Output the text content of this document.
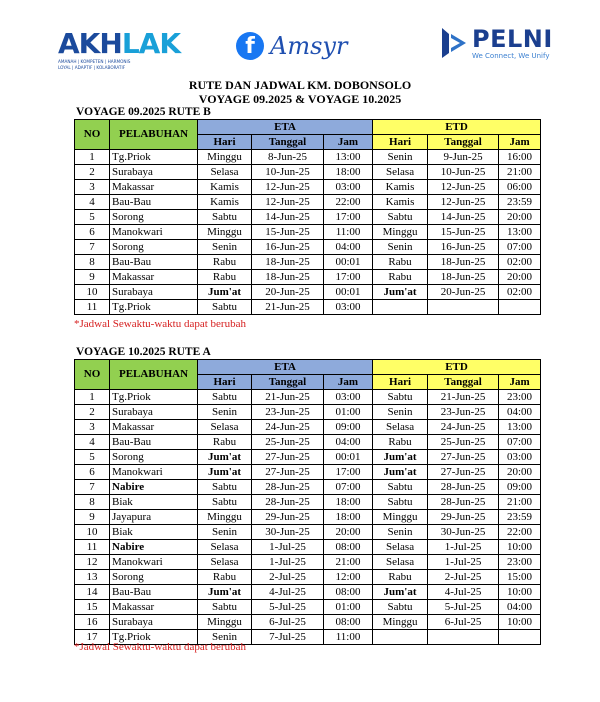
AKHLAK
AMANAH | KOMPETEN | HARMONIS
LOYAL | ADAPTIF | KOLABORATIF
f Amsyr	PELNI
We Connect, We Unify
RUTE DAN JADWAL KM. DOBONSOLO
VOYAGE 09.2025 & VOYAGE 10.2025
VOYAGE 09.2025 RUTE B
NO	PELABUHAN	ETA			ETD		
		Hari	Tanggal	Jam	Hari	Tanggal	Jam
1	Tg.Priok	Minggu	8-Jun-25	13:00	Senin	9-Jun-25	16:00
2	Surabaya	Selasa	10-Jun-25	18:00	Selasa	10-Jun-25	21:00
3	Makassar	Kamis	12-Jun-25	03:00	Kamis	12-Jun-25	06:00
4	Bau-Bau	Kamis	12-Jun-25	22:00	Kamis	12-Jun-25	23:59
5	Sorong	Sabtu	14-Jun-25	17:00	Sabtu	14-Jun-25	20:00
6	Manokwari	Minggu	15-Jun-25	11:00	Minggu	15-Jun-25	13:00
7	Sorong	Senin	16-Jun-25	04:00	Senin	16-Jun-25	07:00
8	Bau-Bau	Rabu	18-Jun-25	00:01	Rabu	18-Jun-25	02:00
9	Makassar	Rabu	18-Jun-25	17:00	Rabu	18-Jun-25	20:00
10	Surabaya	Jum'at	20-Jun-25	00:01	Jum'at	20-Jun-25	02:00
11	Tg.Priok	Sabtu	21-Jun-25	03:00			
*Jadwal Sewaktu-waktu dapat berubah
VOYAGE 10.2025 RUTE A
NO	PELABUHAN	ETA			ETD		
		Hari	Tanggal	Jam	Hari	Tanggal	Jam
1	Tg.Priok	Sabtu	21-Jun-25	03:00	Sabtu	21-Jun-25	23:00
2	Surabaya	Senin	23-Jun-25	01:00	Senin	23-Jun-25	04:00
3	Makassar	Selasa	24-Jun-25	09:00	Selasa	24-Jun-25	13:00
4	Bau-Bau	Rabu	25-Jun-25	04:00	Rabu	25-Jun-25	07:00
5	Sorong	Jum'at	27-Jun-25	00:01	Jum'at	27-Jun-25	03:00
6	Manokwari	Jum'at	27-Jun-25	17:00	Jum'at	27-Jun-25	20:00
7	Nabire	Sabtu	28-Jun-25	07:00	Sabtu	28-Jun-25	09:00
8	Biak	Sabtu	28-Jun-25	18:00	Sabtu	28-Jun-25	21:00
9	Jayapura	Minggu	29-Jun-25	18:00	Minggu	29-Jun-25	23:59
10	Biak	Senin	30-Jun-25	20:00	Senin	30-Jun-25	22:00
11	Nabire	Selasa	1-Jul-25	08:00	Selasa	1-Jul-25	10:00
12	Manokwari	Selasa	1-Jul-25	21:00	Selasa	1-Jul-25	23:00
13	Sorong	Rabu	2-Jul-25	12:00	Rabu	2-Jul-25	15:00
14	Bau-Bau	Jum'at	4-Jul-25	08:00	Jum'at	4-Jul-25	10:00
15	Makassar	Sabtu	5-Jul-25	01:00	Sabtu	5-Jul-25	04:00
16	Surabaya	Minggu	6-Jul-25	08:00	Minggu	6-Jul-25	10:00
17	Tg.Priok	Senin	7-Jul-25	11:00			
*Jadwal Sewaktu-waktu dapat berubah
